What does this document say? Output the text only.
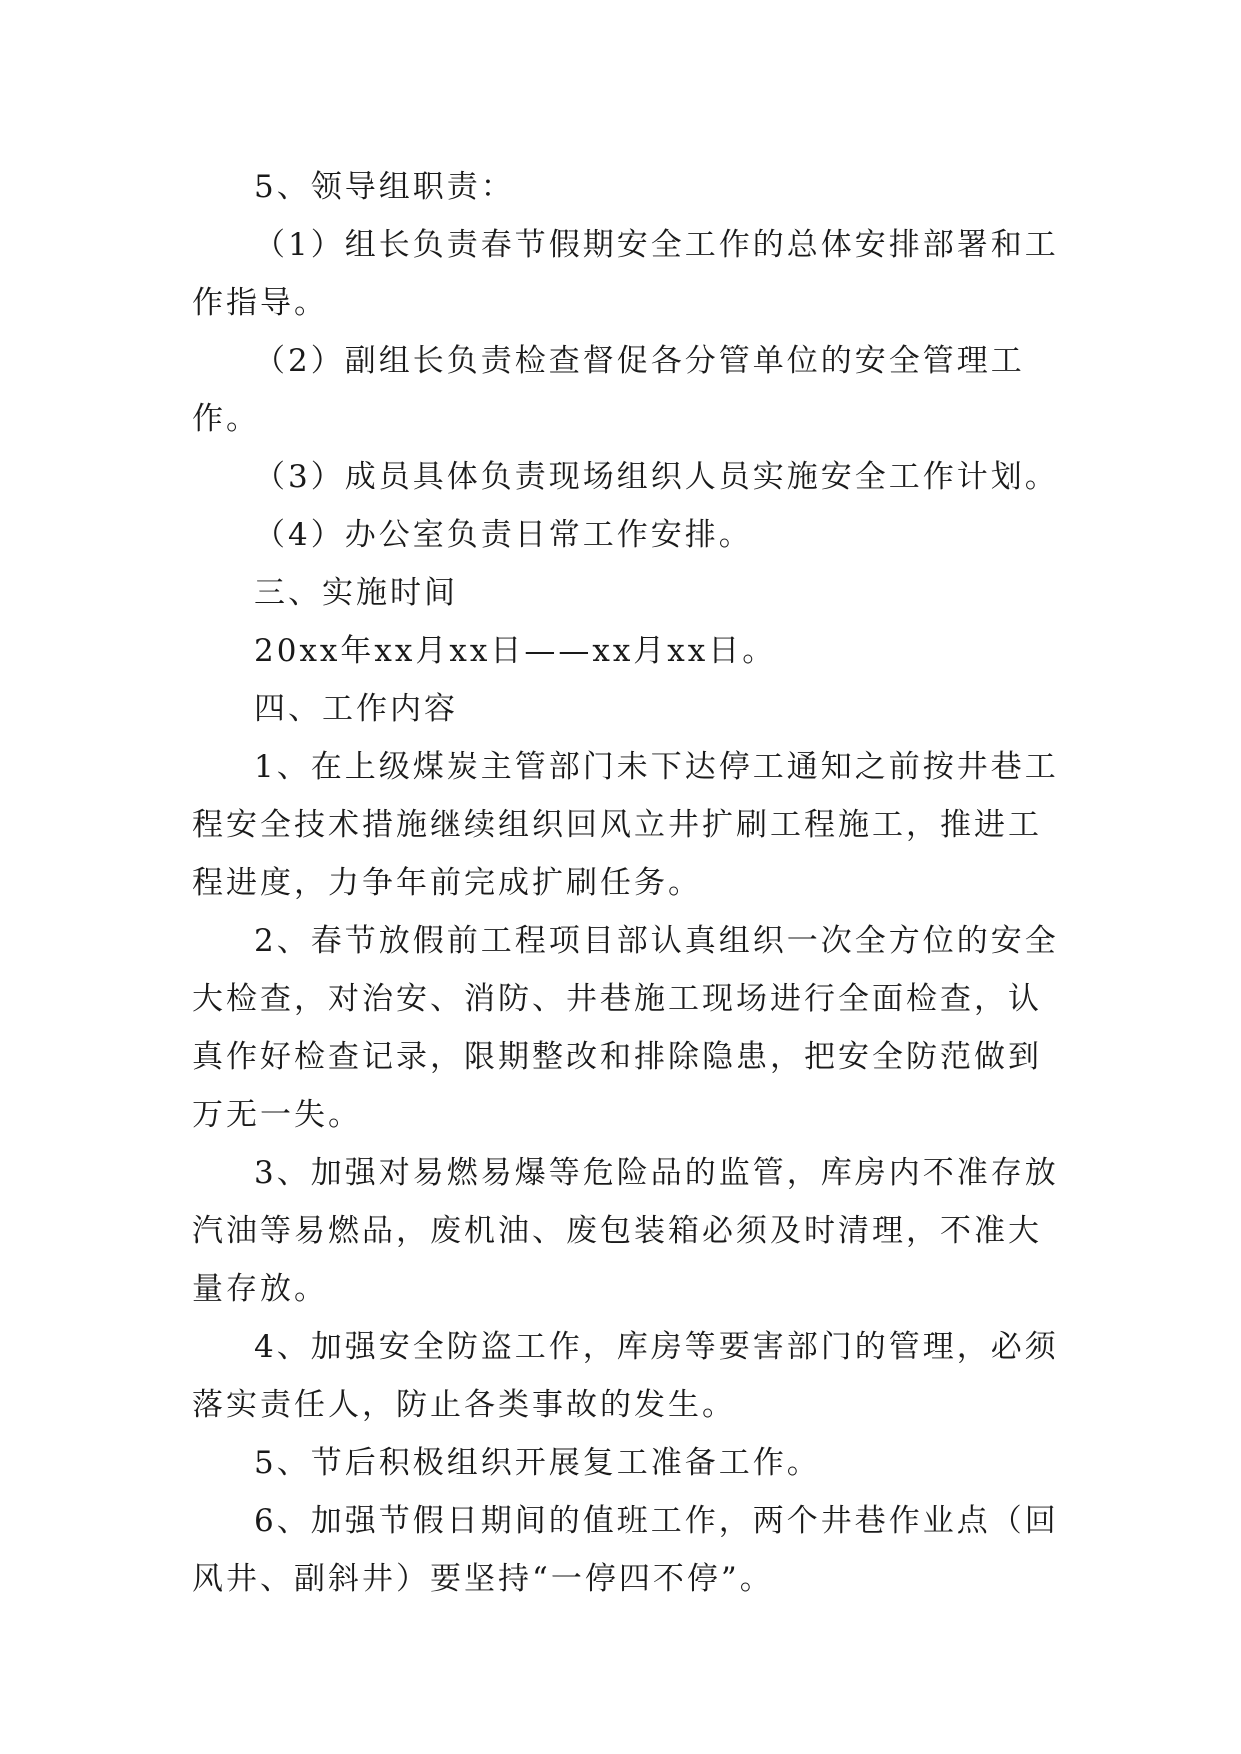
5、领导组职责：

（1）组长负责春节假期安全工作的总体安排部署和工作指导。

（2）副组长负责检查督促各分管单位的安全管理工作。

（3）成员具体负责现场组织人员实施安全工作计划。

（4）办公室负责日常工作安排。

三、实施时间

20xx年xx月xx日——xx月xx日。

四、工作内容

1、在上级煤炭主管部门未下达停工通知之前按井巷工程安全技术措施继续组织回风立井扩刷工程施工，推进工程进度，力争年前完成扩刷任务。

2、春节放假前工程项目部认真组织一次全方位的安全大检查，对治安、消防、井巷施工现场进行全面检查，认真作好检查记录，限期整改和排除隐患，把安全防范做到万无一失。

3、加强对易燃易爆等危险品的监管，库房内不准存放汽油等易燃品，废机油、废包装箱必须及时清理，不准大量存放。

4、加强安全防盗工作，库房等要害部门的管理，必须落实责任人，防止各类事故的发生。

5、节后积极组织开展复工准备工作。

6、加强节假日期间的值班工作，两个井巷作业点（回风井、副斜井）要坚持“一停四不停”。
